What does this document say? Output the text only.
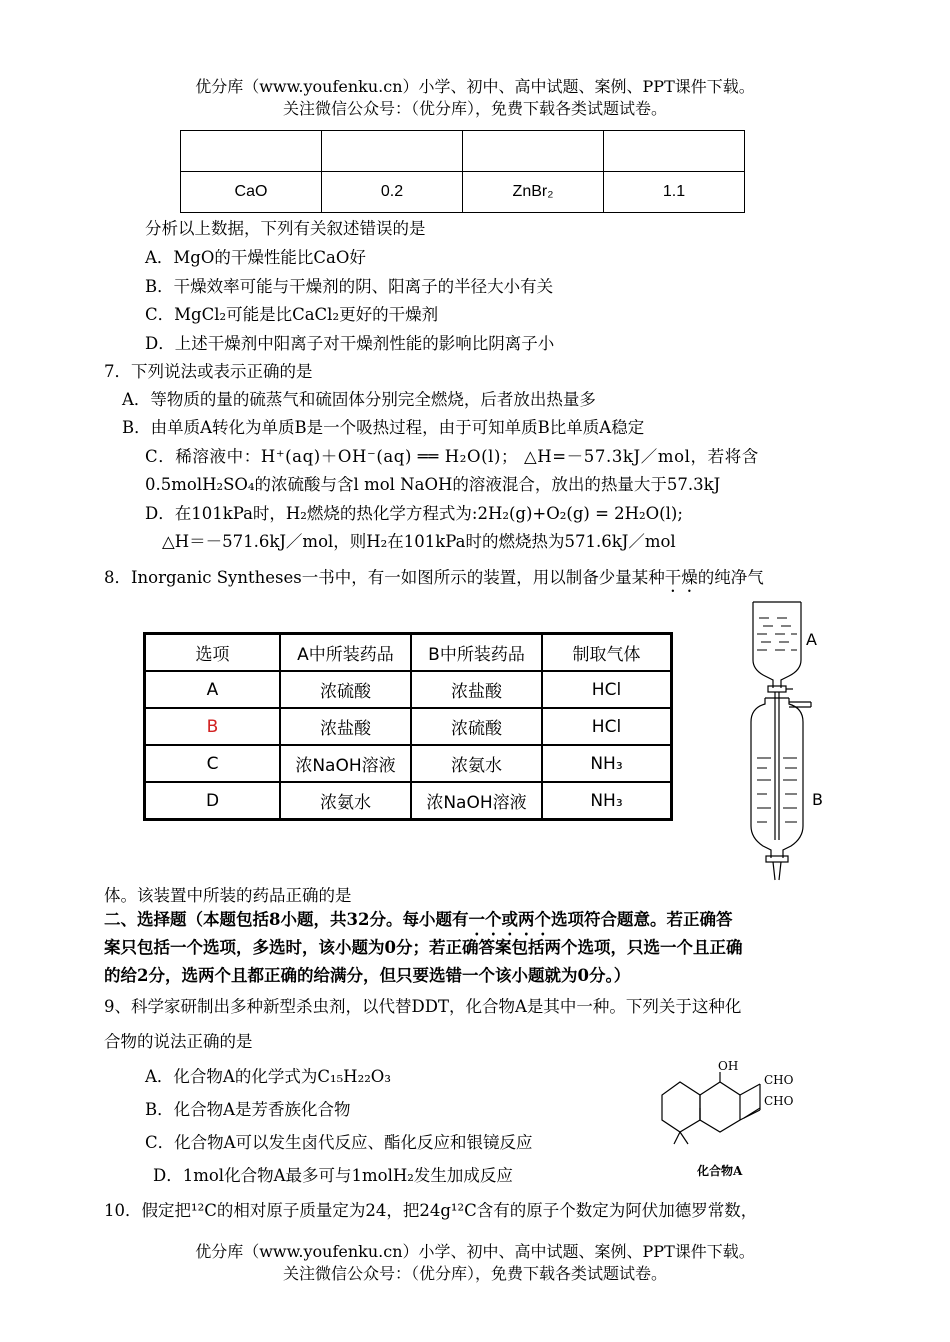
优分库（www.youfenku.cn）小学、初中、高中试题、案例、PPT课件下载。
关注微信公众号：（优分库），免费下载各类试题试卷。

CaO	0.2	ZnBr₂	1.1
分析以上数据，下列有关叙述错误的是
A．MgO的干燥性能比CaO好
B．干燥效率可能与干燥剂的阴、阳离子的半径大小有关
C．MgCl₂可能是比CaCl₂更好的干燥剂
D．上述干燥剂中阳离子对干燥剂性能的影响比阴离子小
7．下列说法或表示正确的是
A．等物质的量的硫蒸气和硫固体分别完全燃烧，后者放出热量多
B．由单质A转化为单质B是一个吸热过程，由于可知单质B比单质A稳定
C．稀溶液中：H⁺(aq)＋OH⁻(aq) ══ H₂O(l)； △H=－57.3kJ／mol，若将含
0.5molH₂SO₄的浓硫酸与含l mol NaOH的溶液混合，放出的热量大于57.3kJ
D．在101kPa时，H₂燃烧的热化学方程式为:2H₂(g)+O₂(g) = 2H₂O(l);
△H＝－571.6kJ／mol，则H₂在101kPa时的燃烧热为571.6kJ／mol
8．Inorganic Syntheses一书中，有一如图所示的装置，用以制备少量某种干燥的纯净气
选项	A中所装药品	B中所装药品	制取气体
A	浓硫酸	浓盐酸	HCl
B	浓盐酸	浓硫酸	HCl
C	浓NaOH溶液	浓氨水	NH₃
D	浓氨水	浓NaOH溶液	NH₃
A
B
体。该装置中所装的药品正确的是
二、选择题（本题包括8小题，共32分。每小题有一个或两个选项符合题意。若正确答
案只包括一个选项，多选时，该小题为0分；若正确答案包括两个选项，只选一个且正确
的给2分，选两个且都正确的给满分，但只要选错一个该小题就为0分。）
9、科学家研制出多种新型杀虫剂，以代替DDT，化合物A是其中一种。下列关于这种化
合物的说法正确的是
A．化合物A的化学式为C₁₅H₂₂O₃
B．化合物A是芳香族化合物
C．化合物A可以发生卤代反应、酯化反应和银镜反应
D．1mol化合物A最多可与1molH₂发生加成反应
OH
CHO
CHO
化合物A
10．假定把¹²C的相对原子质量定为24，把24g¹²C含有的原子个数定为阿伏加德罗常数，
优分库（www.youfenku.cn）小学、初中、高中试题、案例、PPT课件下载。
关注微信公众号：（优分库），免费下载各类试题试卷。
